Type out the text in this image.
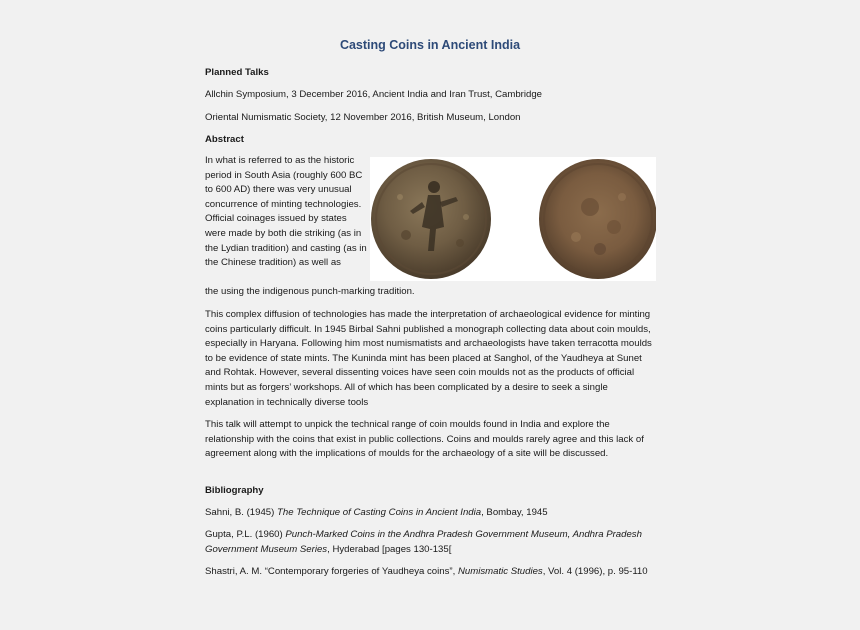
Casting Coins in Ancient India
Planned Talks
Allchin Symposium, 3 December 2016, Ancient India and Iran Trust, Cambridge
Oriental Numismatic Society, 12 November 2016, British Museum, London
Abstract
In what is referred to as the historic period in South Asia (roughly 600 BC to 600 AD) there was very unusual concurrence of minting technologies. Official coinages issued by states were made by both die striking (as in the Lydian tradition) and casting (as in the Chinese tradition) as well as
the using the indigenous punch-marking tradition.
This complex diffusion of technologies has made the interpretation of archaeological evidence for minting coins particularly difficult. In 1945 Birbal Sahni published a monograph collecting data about coin moulds, especially in Haryana. Following him most numismatists and archaeologists have taken terracotta moulds to be evidence of state mints. The Kuninda mint has been placed at Sanghol, of the Yaudheya at Sunet and Rohtak. However, several dissenting voices have seen coin moulds not as the products of official mints but as forgers’ workshops. All of which has been complicated by a desire to seek a single explanation in technically diverse tools
This talk will attempt to unpick the technical range of coin moulds found in India and explore the relationship with the coins that exist in public collections. Coins and moulds rarely agree and this lack of agreement along with the implications of moulds for the archaeology of a site will be discussed.
Bibliography
Sahni, B. (1945) The Technique of Casting Coins in Ancient India, Bombay, 1945
Gupta, P.L. (1960) Punch-Marked Coins in the Andhra Pradesh Government Museum, Andhra Pradesh Government Museum Series, Hyderabad [pages 130-135[
Shastri, A. M. “Contemporary forgeries of Yaudheya coins”, Numismatic Studies, Vol. 4 (1996), p. 95-110
